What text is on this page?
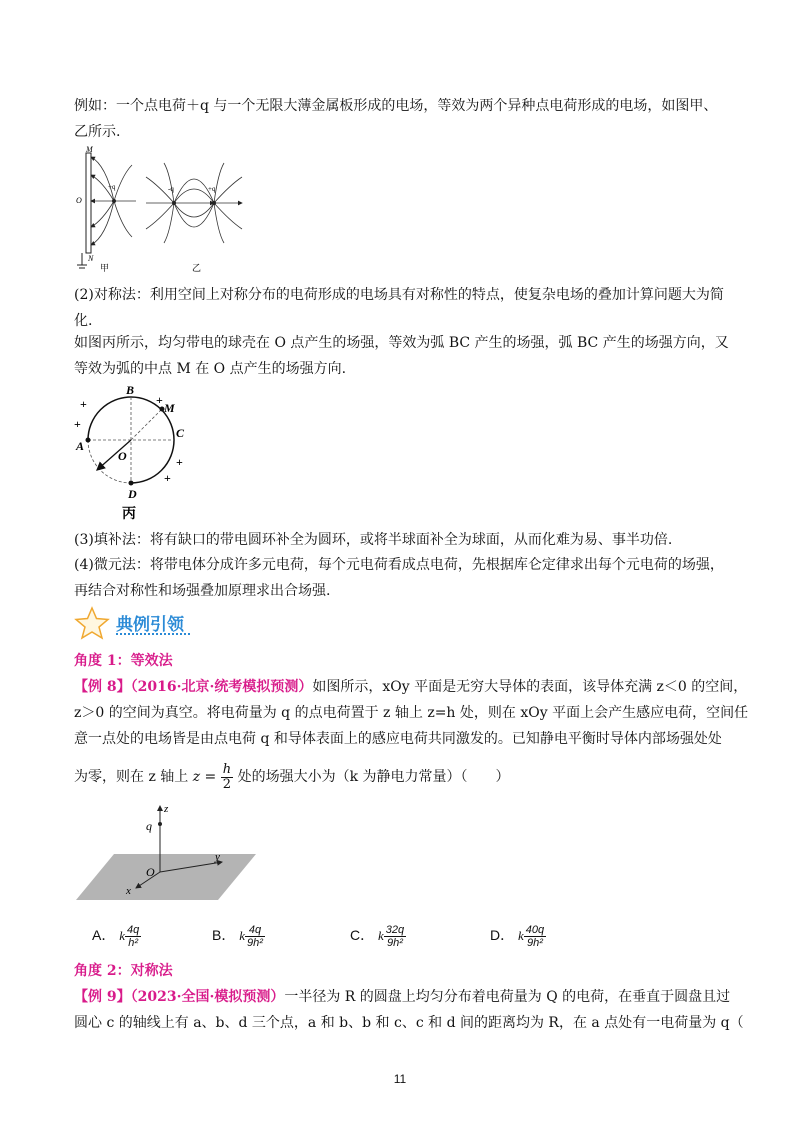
例如：一个点电荷＋q 与一个无限大薄金属板形成的电场，等效为两个异种点电荷形成的电场，如图甲、
乙所示.
M
O
N
+q
甲
-q	+q
乙
(2)对称法：利用空间上对称分布的电荷形成的电场具有对称性的特点，使复杂电场的叠加计算问题大为简
化.
如图丙所示，均匀带电的球壳在 O 点产生的场强，等效为弧 BC 产生的场强，弧 BC 产生的场强方向，又
等效为弧的中点 M 在 O 点产生的场强方向.
B
M
A
C
O
D
+
+
+
+
+
丙
(3)填补法：将有缺口的带电圆环补全为圆环，或将半球面补全为球面，从而化难为易、事半功倍.
(4)微元法：将带电体分成许多元电荷，每个元电荷看成点电荷，先根据库仑定律求出每个元电荷的场强，
再结合对称性和场强叠加原理求出合场强.
典例引领
角度 1：等效法
【例 8】（2016·北京·统考模拟预测）如图所示，xOy 平面是无穷大导体的表面，该导体充满 z＜0 的空间，
z＞0 的空间为真空。将电荷量为 q 的点电荷置于 z 轴上 z=h 处，则在 xOy 平面上会产生感应电荷，空间任
意一点处的电场皆是由点电荷 q 和导体表面上的感应电荷共同激发的。已知静电平衡时导体内部场强处处
为零，则在 z 轴上 $z = \frac{h}{2}$ 处的场强大小为（k 为静电力常量）（　　）
z
q
O
y
x
A． k $\frac{4q}{\text{h²}}$	B． k $\frac{4q}{\text{9h²}}$	C． k $\frac{32q}{\text{9h²}}$	D． k $\frac{40q}{\text{9h²}}$
角度 2：对称法
【例 9】（2023·全国·模拟预测）一半径为 R 的圆盘上均匀分布着电荷量为 Q 的电荷，在垂直于圆盘且过
圆心 c 的轴线上有 a、b、d 三个点，a 和 b、b 和 c、c 和 d 间的距离均为 R，在 a 点处有一电荷量为 q（
11
